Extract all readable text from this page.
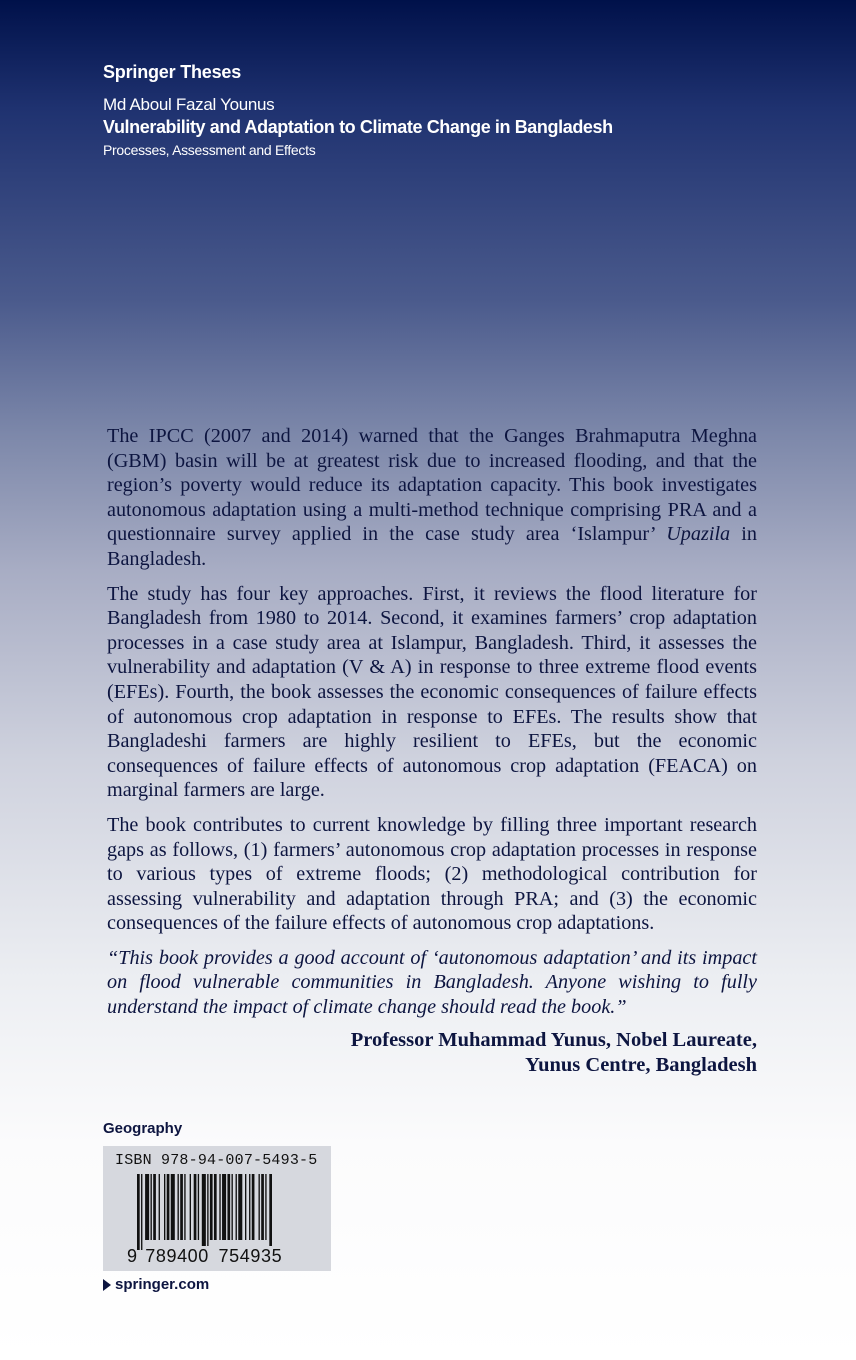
Springer Theses
Md Aboul Fazal Younus
Vulnerability and Adaptation to Climate Change in Bangladesh
Processes, Assessment and Effects

The IPCC (2007 and 2014) warned that the Ganges Brahmaputra Meghna (GBM) basin will be at greatest risk due to increased flooding, and that the region’s poverty would reduce its adaptation capacity. This book investigates autonomous adaptation using a multi-method technique comprising PRA and a questionnaire survey applied in the case study area ‘Islampur’ Upazila in Bangladesh.

The study has four key approaches. First, it reviews the flood literature for Bangladesh from 1980 to 2014. Second, it examines farmers’ crop adaptation processes in a case study area at Islampur, Bangladesh. Third, it assesses the vulnerability and adaptation (V & A) in response to three extreme flood events (EFEs). Fourth, the book assesses the economic consequences of failure effects of autonomous crop adaptation in response to EFEs. The results show that Bangladeshi farmers are highly resilient to EFEs, but the economic consequences of failure effects of autonomous crop adaptation (FEACA) on marginal farmers are large.

The book contributes to current knowledge by filling three important research gaps as follows, (1) farmers’ autonomous crop adaptation processes in response to various types of extreme floods; (2) methodological contribution for assessing vulnerability and adaptation through PRA; and (3) the economic consequences of the failure effects of autonomous crop adaptations.

“This book provides a good account of ‘autonomous adaptation’ and its impact on flood vulnerable communities in Bangladesh. Anyone wishing to fully understand the impact of climate change should read the book.”

Professor Muhammad Yunus, Nobel Laureate,
Yunus Centre, Bangladesh
Geography
ISBN 978-94-007-5493-5
9 789400 754935
springer.com
